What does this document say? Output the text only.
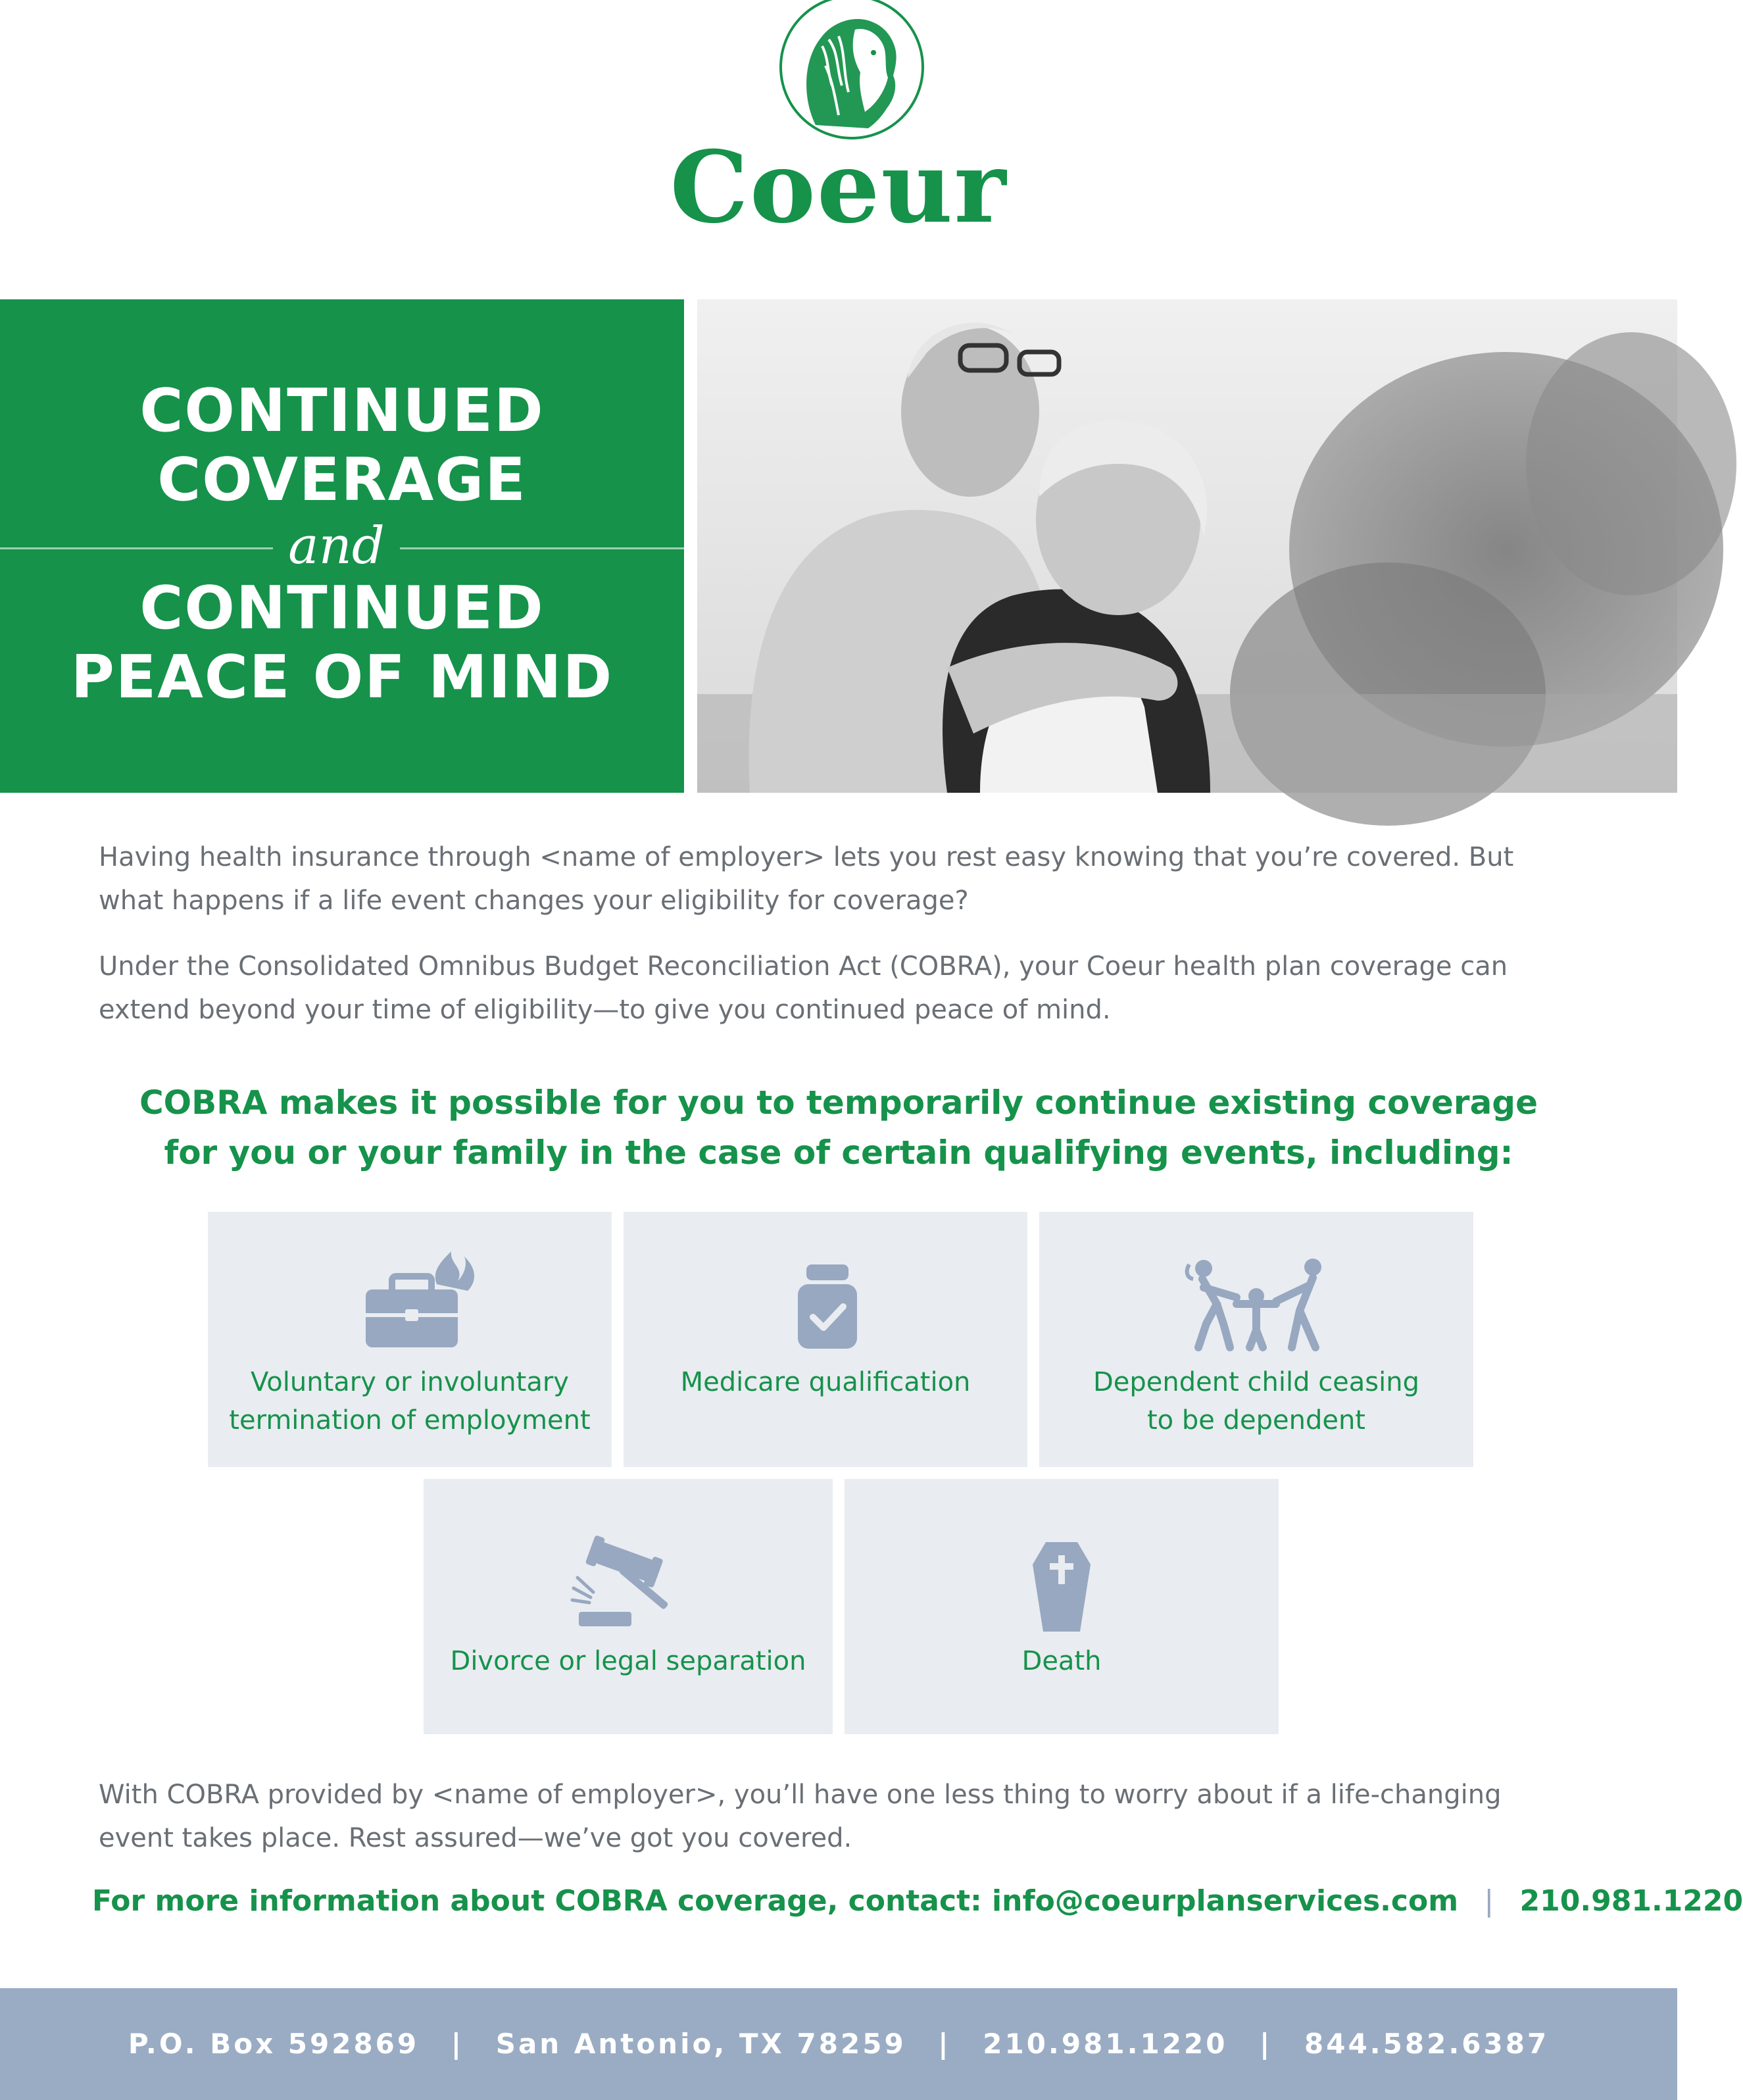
Coeur
CONTINUED
COVERAGE
and
CONTINUED
PEACE OF MIND
Having health insurance through <name of employer> lets you rest easy knowing that you’re covered. But what happens if a life event changes your eligibility for coverage?
Under the Consolidated Omnibus Budget Reconciliation Act (COBRA), your Coeur health plan coverage can extend beyond your time of eligibility—to give you continued peace of mind.
COBRA makes it possible for you to temporarily continue existing coverage
for you or your family in the case of certain qualifying events, including:
Voluntary or involuntary
termination of employment
Medicare qualification	Dependent child ceasing
to be dependent
Divorce or legal separation	Death
With COBRA provided by <name of employer>, you’ll have one less thing to worry about if a life-changing event takes place. Rest assured—we’ve got you covered.
For more information about COBRA coverage, contact: info@coeurplanservices.com | 210.981.1220
P.O. Box 592869 | San Antonio, TX 78259 | 210.981.1220 | 844.582.6387
